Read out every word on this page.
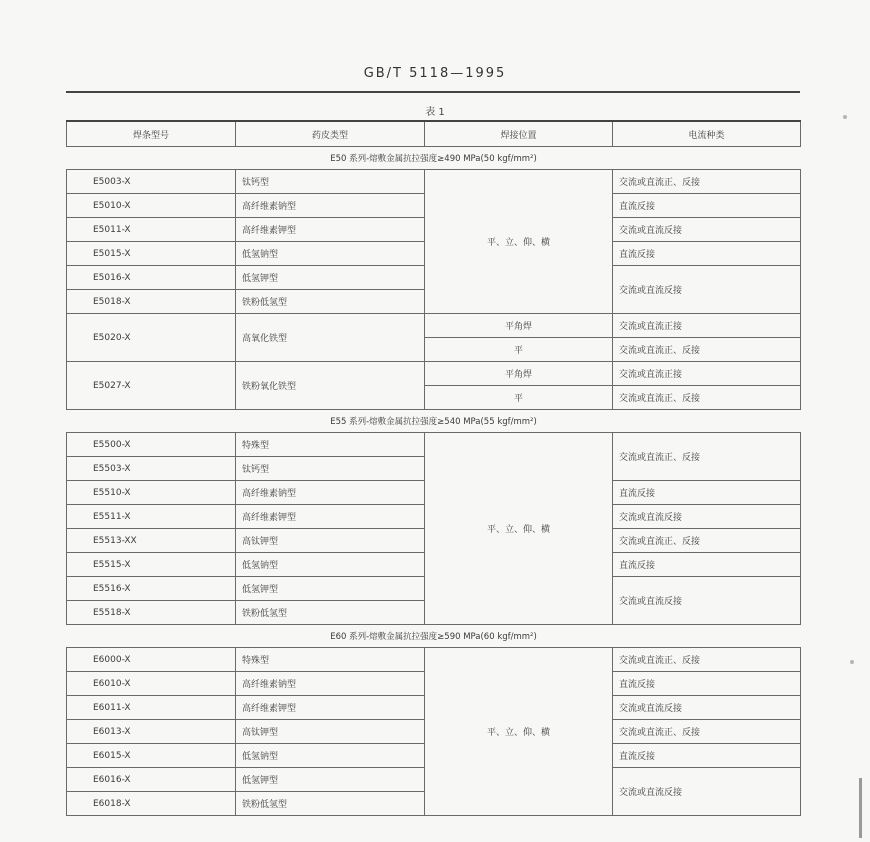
GB/T 5118—1995
表 1
焊条型号	药皮类型	焊接位置	电流种类
E50 系列-熔敷金属抗拉强度≥490 MPa(50 kgf/mm²)			
E5003-X	钛钙型	平、立、仰、横	交流或直流正、反接
E5010-X	高纤维素钠型		直流反接
E5011-X	高纤维素钾型		交流或直流反接
E5015-X	低氢钠型		直流反接
E5016-X	低氢钾型		交流或直流反接
E5018-X	铁粉低氢型		
E5020-X	高氧化铁型	平角焊	交流或直流正接
		平	交流或直流正、反接
E5027-X	铁粉氧化铁型	平角焊	交流或直流正接
		平	交流或直流正、反接
E55 系列-熔敷金属抗拉强度≥540 MPa(55 kgf/mm²)			
E5500-X	特殊型	平、立、仰、横	交流或直流正、反接
E5503-X	钛钙型		
E5510-X	高纤维素钠型		直流反接
E5511-X	高纤维素钾型		交流或直流反接
E5513-XX	高钛钾型		交流或直流正、反接
E5515-X	低氢钠型		直流反接
E5516-X	低氢钾型		交流或直流反接
E5518-X	铁粉低氢型		
E60 系列-熔敷金属抗拉强度≥590 MPa(60 kgf/mm²)			
E6000-X	特殊型	平、立、仰、横	交流或直流正、反接
E6010-X	高纤维素钠型		直流反接
E6011-X	高纤维素钾型		交流或直流反接
E6013-X	高钛钾型		交流或直流正、反接
E6015-X	低氢钠型		直流反接
E6016-X	低氢钾型		交流或直流反接
E6018-X	铁粉低氢型		
